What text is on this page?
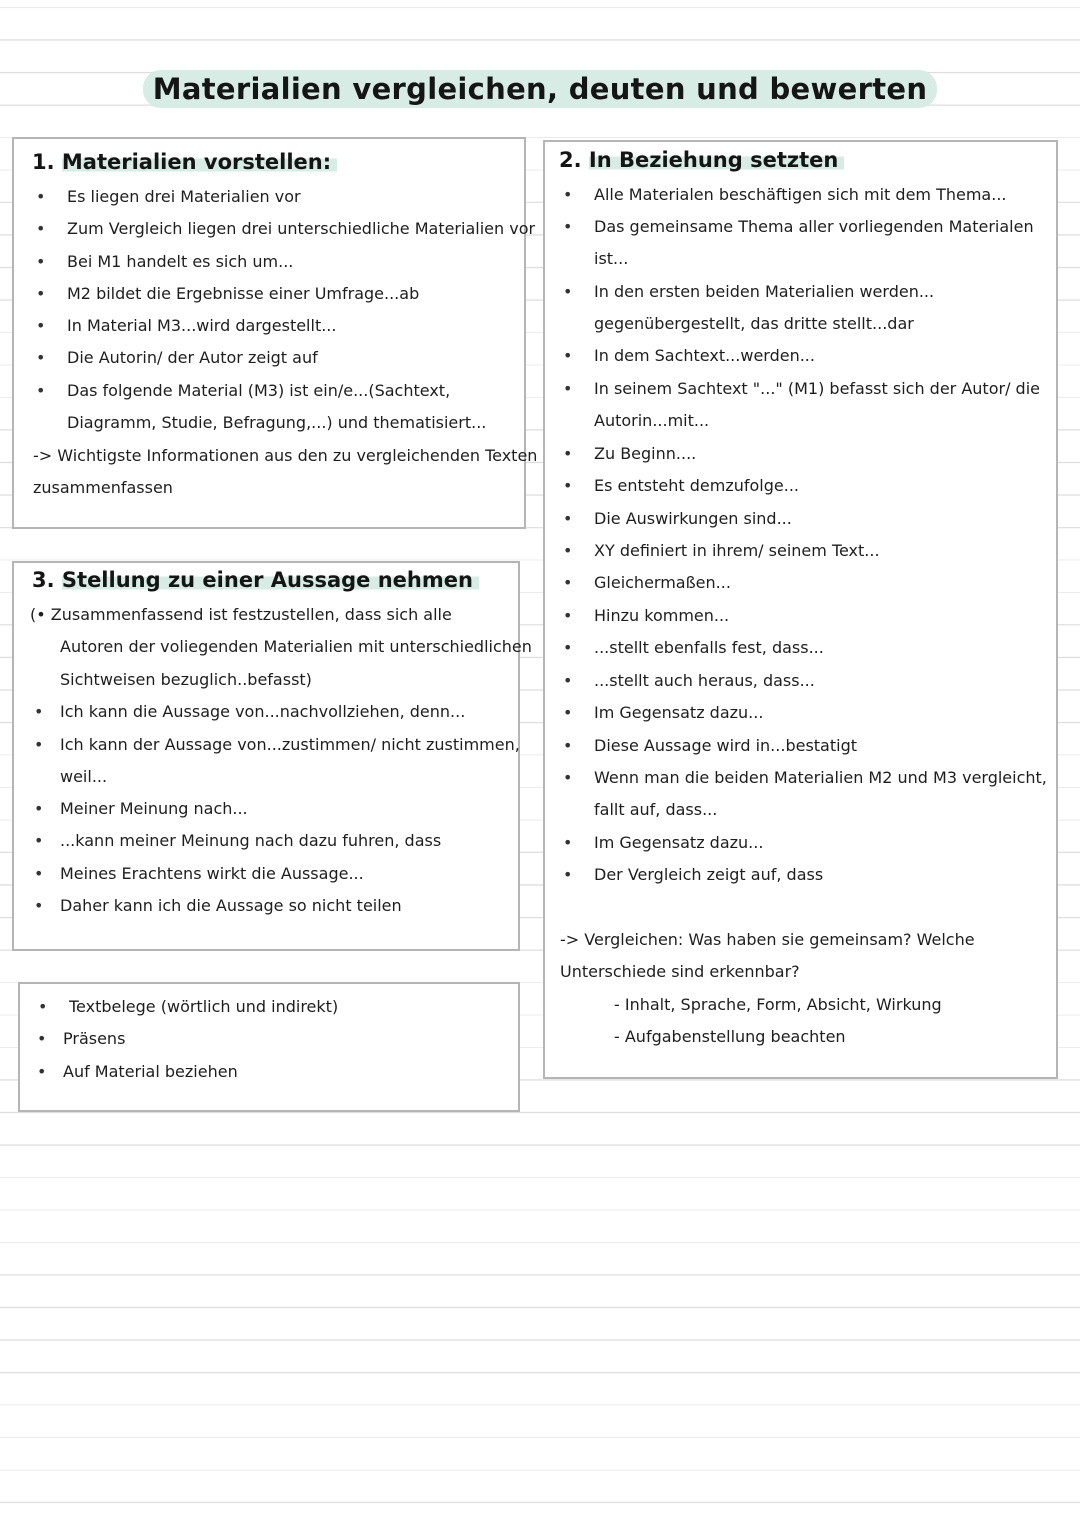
Materialien vergleichen, deuten und bewerten
1. Materialien vorstellen:
• Es liegen drei Materialien vor
• Zum Vergleich liegen drei unterschiedliche Materialien vor
• Bei M1 handelt es sich um...
• M2 bildet die Ergebnisse einer Umfrage...ab
• In Material M3...wird dargestellt...
• Die Autorin/ der Autor zeigt auf
• Das folgende Material (M3) ist ein/e...(Sachtext,
Diagramm, Studie, Befragung,...) und thematisiert...
-> Wichtigste Informationen aus den zu vergleichenden Texten
zusammenfassen
2. In Beziehung setzten
• Alle Materialen beschäftigen sich mit dem Thema...
• Das gemeinsame Thema aller vorliegenden Materialen
ist...
• In den ersten beiden Materialien werden...
gegenübergestellt, das dritte stellt...dar
• In dem Sachtext...werden...
• In seinem Sachtext "..." (M1) befasst sich der Autor/ die
Autorin...mit...
• Zu Beginn....
• Es entsteht demzufolge...
• Die Auswirkungen sind...
• XY definiert in ihrem/ seinem Text...
• Gleichermaßen...
• Hinzu kommen...
• ...stellt ebenfalls fest, dass...
• ...stellt auch heraus, dass...
• Im Gegensatz dazu...
• Diese Aussage wird in...bestatigt
• Wenn man die beiden Materialien M2 und M3 vergleicht,
fallt auf, dass...
• Im Gegensatz dazu...
• Der Vergleich zeigt auf, dass
-> Vergleichen: Was haben sie gemeinsam? Welche
Unterschiede sind erkennbar?
- Inhalt, Sprache, Form, Absicht, Wirkung
- Aufgabenstellung beachten
3. Stellung zu einer Aussage nehmen
(• Zusammenfassend ist festzustellen, dass sich alle
Autoren der voliegenden Materialien mit unterschiedlichen
Sichtweisen bezuglich..befasst)
• Ich kann die Aussage von...nachvollziehen, denn...
• Ich kann der Aussage von...zustimmen/ nicht zustimmen,
weil...
• Meiner Meinung nach...
• ...kann meiner Meinung nach dazu fuhren, dass
• Meines Erachtens wirkt die Aussage...
• Daher kann ich die Aussage so nicht teilen
• Textbelege (wörtlich und indirekt)
• Präsens
• Auf Material beziehen
